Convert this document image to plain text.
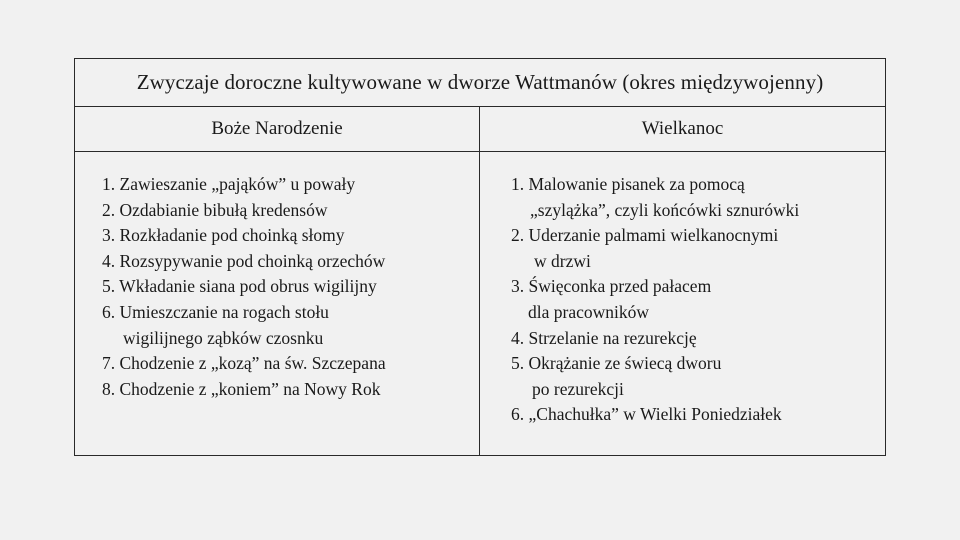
Zwyczaje doroczne kultywowane w dworze Wattmanów (okres międzywojenny)
Boże Narodzenie	Wielkanoc
1. Zawieszanie „pająków” u powały
2. Ozdabianie bibułą kredensów
3. Rozkładanie pod choinką słomy
4. Rozsypywanie pod choinką orzechów
5. Wkładanie siana pod obrus wigilijny
6. Umieszczanie na rogach stołu
wigilijnego ząbków czosnku
7. Chodzenie z „kozą” na św. Szczepana
8. Chodzenie z „koniem” na Nowy Rok
1. Malowanie pisanek za pomocą
„szylążka”, czyli końcówki sznurówki
2. Uderzanie palmami wielkanocnymi
w drzwi
3. Święconka przed pałacem
dla pracowników
4. Strzelanie na rezurekcję
5. Okrążanie ze świecą dworu
po rezurekcji
6. „Chachułka” w Wielki Poniedziałek
